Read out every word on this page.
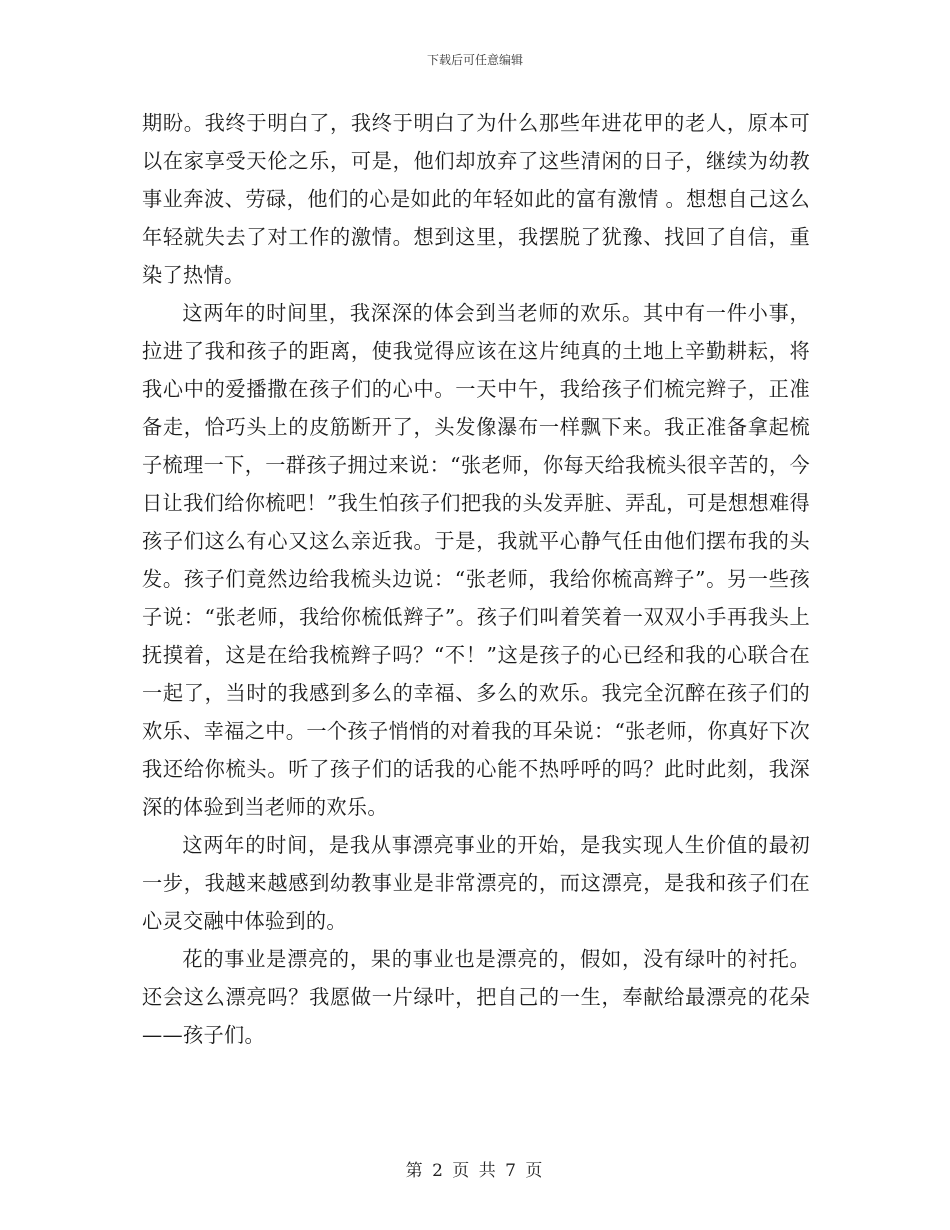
下载后可任意编辑

期盼。我终于明白了，我终于明白了为什么那些年进花甲的老人，原本可以在家享受天伦之乐，可是，他们却放弃了这些清闲的日子，继续为幼教事业奔波、劳碌，他们的心是如此的年轻如此的富有激情 。想想自己这么年轻就失去了对工作的激情。想到这里，我摆脱了犹豫、找回了自信，重染了热情。

这两年的时间里，我深深的体会到当老师的欢乐。其中有一件小事， 拉进了我和孩子的距离，使我觉得应该在这片纯真的土地上辛勤耕耘，将我心中的爱播撒在孩子们的心中。一天中午，我给孩子们梳完辫子，正准备走，恰巧头上的皮筋断开了，头发像瀑布一样飘下来。我正准备拿起梳子梳理一下，一群孩子拥过来说：“张老师，你每天给我梳头很辛苦的，今日让我们给你梳吧！”我生怕孩子们把我的头发弄脏、弄乱，可是想想难得孩子们这么有心又这么亲近我。于是，我就平心静气任由他们摆布我的头发。孩子们竟然边给我梳头边说：“张老师，我给你梳高辫子”。另一些孩子说：“张老师，我给你梳低辫子”。孩子们叫着笑着一双双小手再我头上抚摸着，这是在给我梳辫子吗？“不！”这是孩子的心已经和我的心联合在一起了，当时的我感到多么的幸福、多么的欢乐。我完全沉醉在孩子们的欢乐、幸福之中。一个孩子悄悄的对着我的耳朵说：“张老师，你真好下次我还给你梳头。听了孩子们的话我的心能不热呼呼的吗？此时此刻，我深深的体验到当老师的欢乐。

这两年的时间，是我从事漂亮事业的开始，是我实现人生价值的最初一步，我越来越感到幼教事业是非常漂亮的，而这漂亮，是我和孩子们在心灵交融中体验到的。

花的事业是漂亮的，果的事业也是漂亮的，假如，没有绿叶的衬托。还会这么漂亮吗？我愿做一片绿叶，把自己的一生，奉献给最漂亮的花朵——孩子们。

第 2 页 共 7 页
